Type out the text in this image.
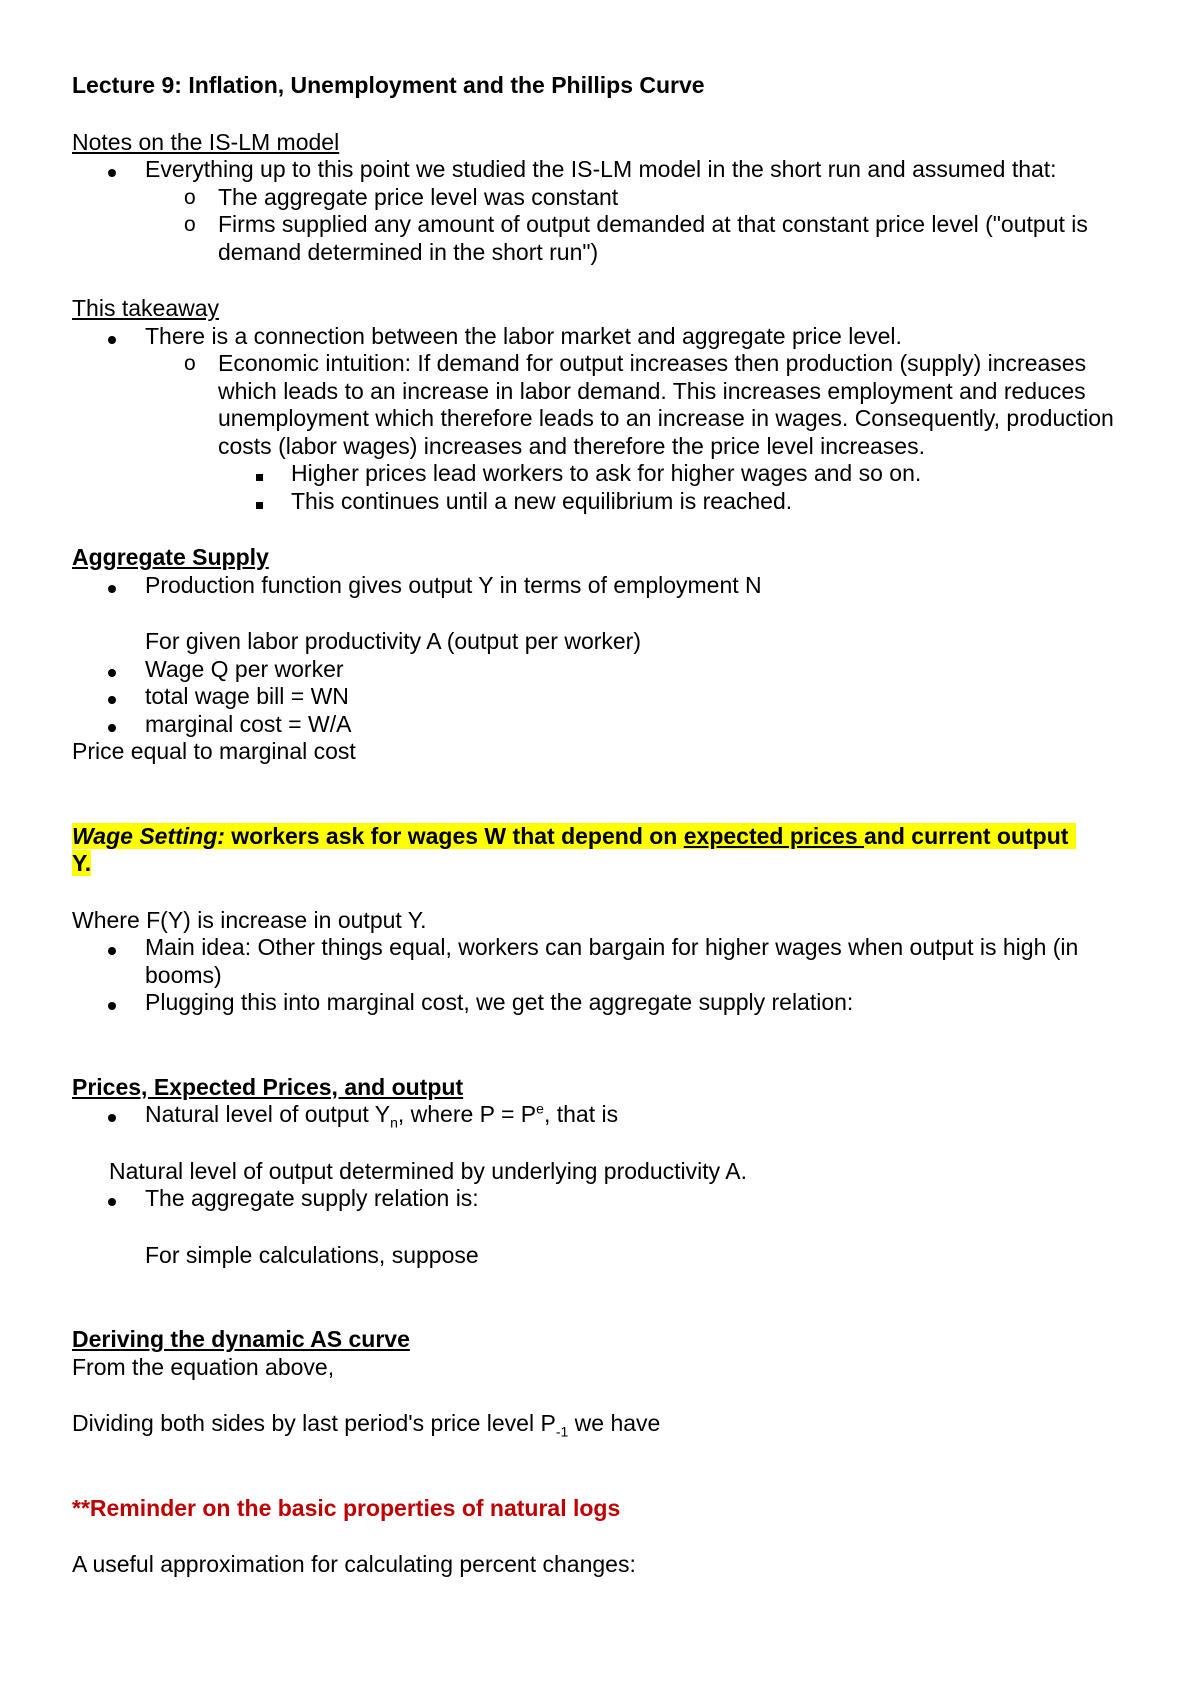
Lecture 9: Inflation, Unemployment and the Phillips Curve
Notes on the IS-LM model
Everything up to this point we studied the IS-LM model in the short run and assumed that:
o The aggregate price level was constant
o Firms supplied any amount of output demanded at that constant price level ("output is demand determined in the short run")
This takeaway
There is a connection between the labor market and aggregate price level.
o Economic intuition: If demand for output increases then production (supply) increases which leads to an increase in labor demand. This increases employment and reduces unemployment which therefore leads to an increase in wages. Consequently, production costs (labor wages) increases and therefore the price level increases.
Higher prices lead workers to ask for higher wages and so on.
This continues until a new equilibrium is reached.
Aggregate Supply
Production function gives output Y in terms of employment N
For given labor productivity A (output per worker)
Wage Q per worker
total wage bill = WN
marginal cost = W/A
Price equal to marginal cost
Wage Setting: workers ask for wages W that depend on expected prices and current output
Y.
Where F(Y) is increase in output Y.
Main idea: Other things equal, workers can bargain for higher wages when output is high (in booms)
Plugging this into marginal cost, we get the aggregate supply relation:
Prices, Expected Prices, and output
Natural level of output $Y_n$, where $P = P^e$, that is
Natural level of output determined by underlying productivity A.
The aggregate supply relation is:
For simple calculations, suppose
Deriving the dynamic AS curve
From the equation above,
Dividing both sides by last period's price level $P_{-1}$ we have
**Reminder on the basic properties of natural logs
A useful approximation for calculating percent changes:
